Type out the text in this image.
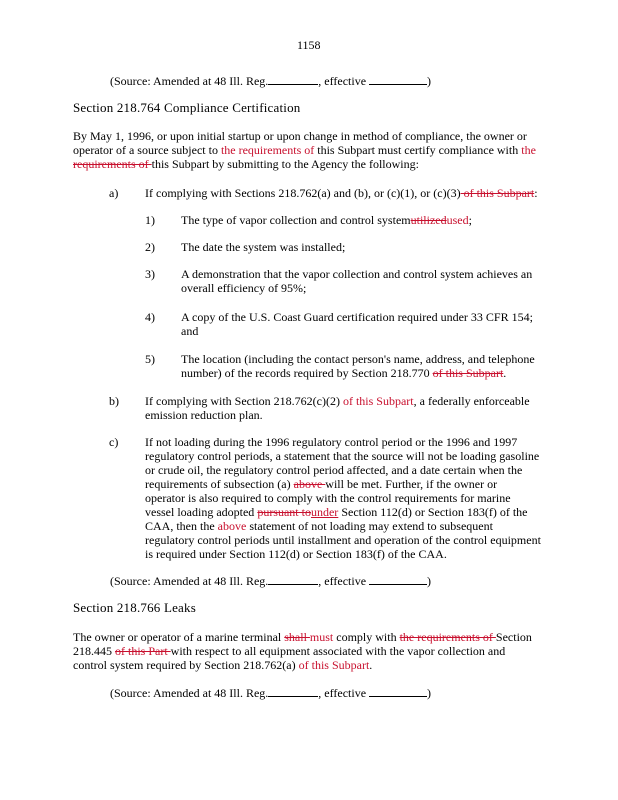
1158
(Source: Amended at 48 Ill. Reg.	, effective	)
Section 218.764 Compliance Certification
By May 1, 1996, or upon initial startup or upon change in method of compliance, the owner or
operator of a source subject to the requirements of this Subpart must certify compliance with the
requirements of this Subpart by submitting to the Agency the following:
a) If complying with Sections 218.762(a) and (b), or (c)(1), or (c)(3) of this Subpart:
1) The type of vapor collection and control systemutilizedused;
2) The date the system was installed;
3) A demonstration that the vapor collection and control system achieves an
overall efficiency of 95%;
4) A copy of the U.S. Coast Guard certification required under 33 CFR 154;
and
5) The location (including the contact person's name, address, and telephone
number) of the records required by Section 218.770 of this Subpart.
b) If complying with Section 218.762(c)(2) of this Subpart, a federally enforceable
emission reduction plan.
c) If not loading during the 1996 regulatory control period or the 1996 and 1997
regulatory control periods, a statement that the source will not be loading gasoline
or crude oil, the regulatory control period affected, and a date certain when the
requirements of subsection (a) above will be met. Further, if the owner or
operator is also required to comply with the control requirements for marine
vessel loading adopted pursuant tounder Section 112(d) or Section 183(f) of the
CAA, then the above statement of not loading may extend to subsequent
regulatory control periods until installment and operation of the control equipment
is required under Section 112(d) or Section 183(f) of the CAA.
(Source: Amended at 48 Ill. Reg.	, effective	)
Section 218.766 Leaks
The owner or operator of a marine terminal shall must comply with the requirements of Section
218.445 of this Part with respect to all equipment associated with the vapor collection and
control system required by Section 218.762(a) of this Subpart.
(Source: Amended at 48 Ill. Reg.	, effective	)
